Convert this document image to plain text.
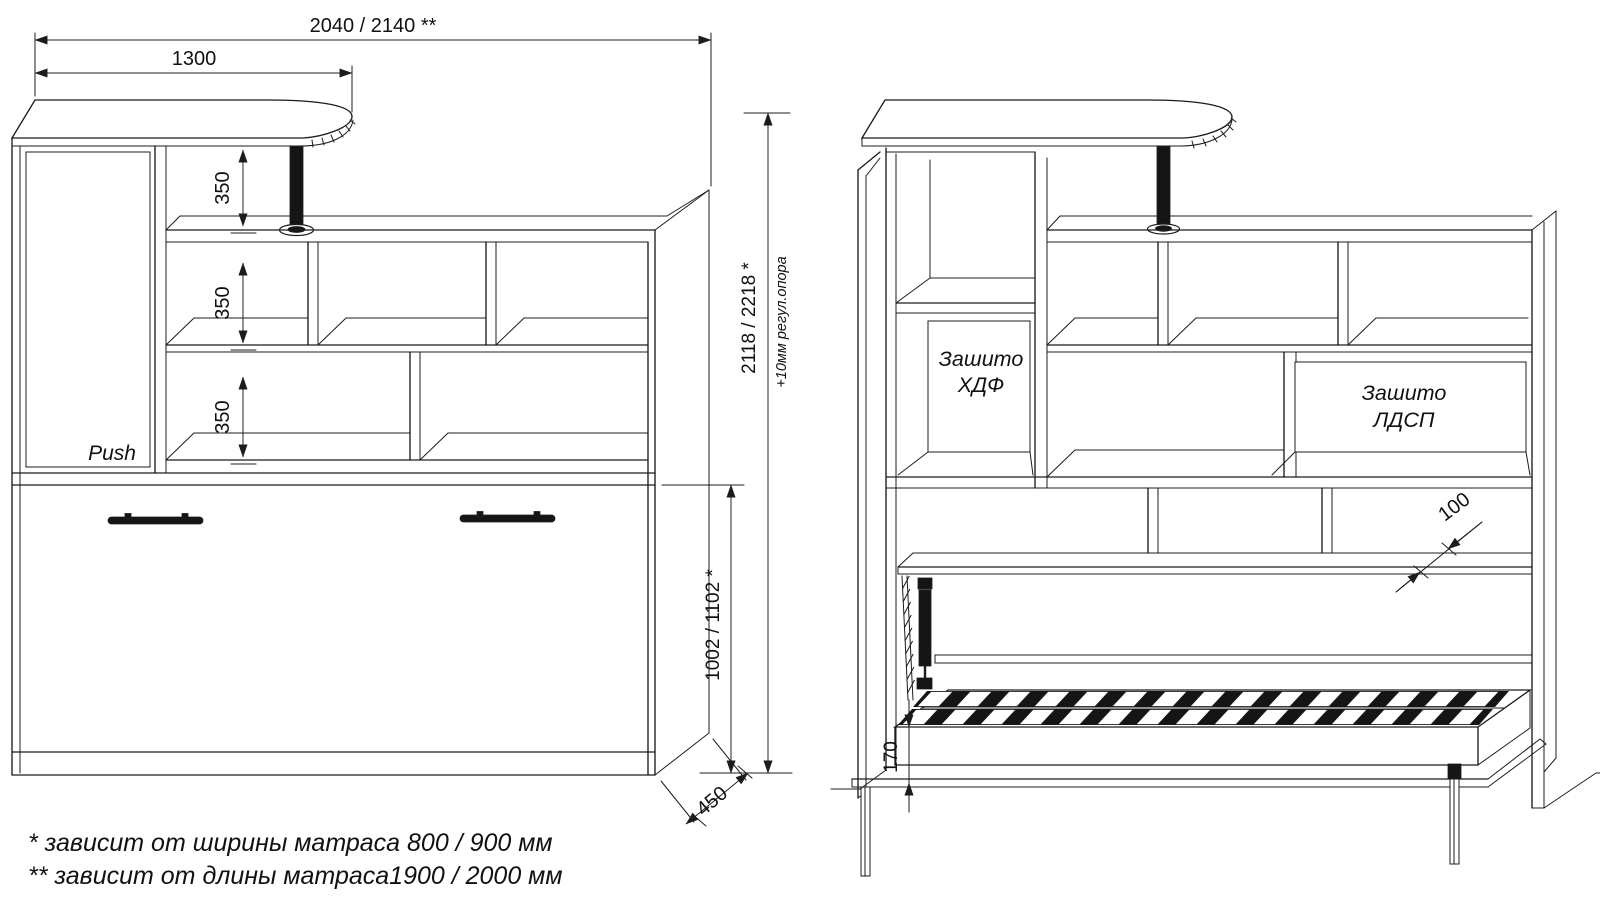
Push
2040 / 2140 **
1300
350
350
350
1002 / 1102 *
2118 / 2218 * +10мм регул.опора
450
Зашито
ХДФ	Зашито
ЛДСП
100
170
* зависит от ширины матраса 800 / 900 мм
** зависит от длины матраса1900 / 2000 мм
